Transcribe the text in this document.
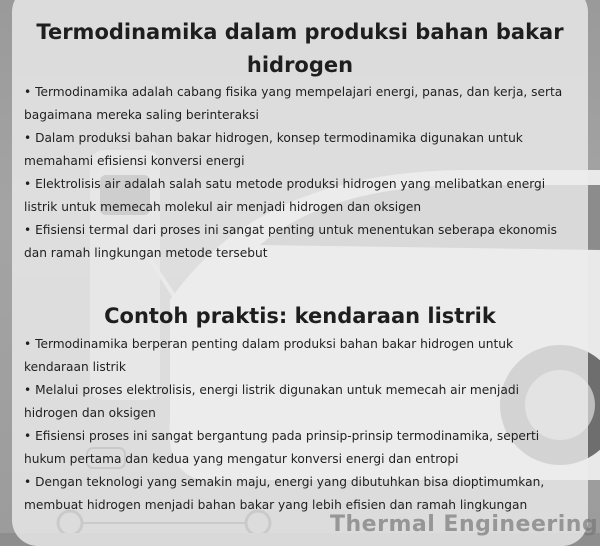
Termodinamika dalam produksi bahan bakar hidrogen
• Termodinamika adalah cabang fisika yang mempelajari energi, panas, dan kerja, serta bagaimana mereka saling berinteraksi
• Dalam produksi bahan bakar hidrogen, konsep termodinamika digunakan untuk memahami efisiensi konversi energi
• Elektrolisis air adalah salah satu metode produksi hidrogen yang melibatkan energi listrik untuk memecah molekul air menjadi hidrogen dan oksigen
• Efisiensi termal dari proses ini sangat penting untuk menentukan seberapa ekonomis dan ramah lingkungan metode tersebut
Contoh praktis: kendaraan listrik
• Termodinamika berperan penting dalam produksi bahan bakar hidrogen untuk kendaraan listrik
• Melalui proses elektrolisis, energi listrik digunakan untuk memecah air menjadi hidrogen dan oksigen
• Efisiensi proses ini sangat bergantung pada prinsip-prinsip termodinamika, seperti hukum pertama dan kedua yang mengatur konversi energi dan entropi
• Dengan teknologi yang semakin maju, energi yang dibutuhkan bisa dioptimumkan, membuat hidrogen menjadi bahan bakar yang lebih efisien dan ramah lingkungan
Thermal Engineering
